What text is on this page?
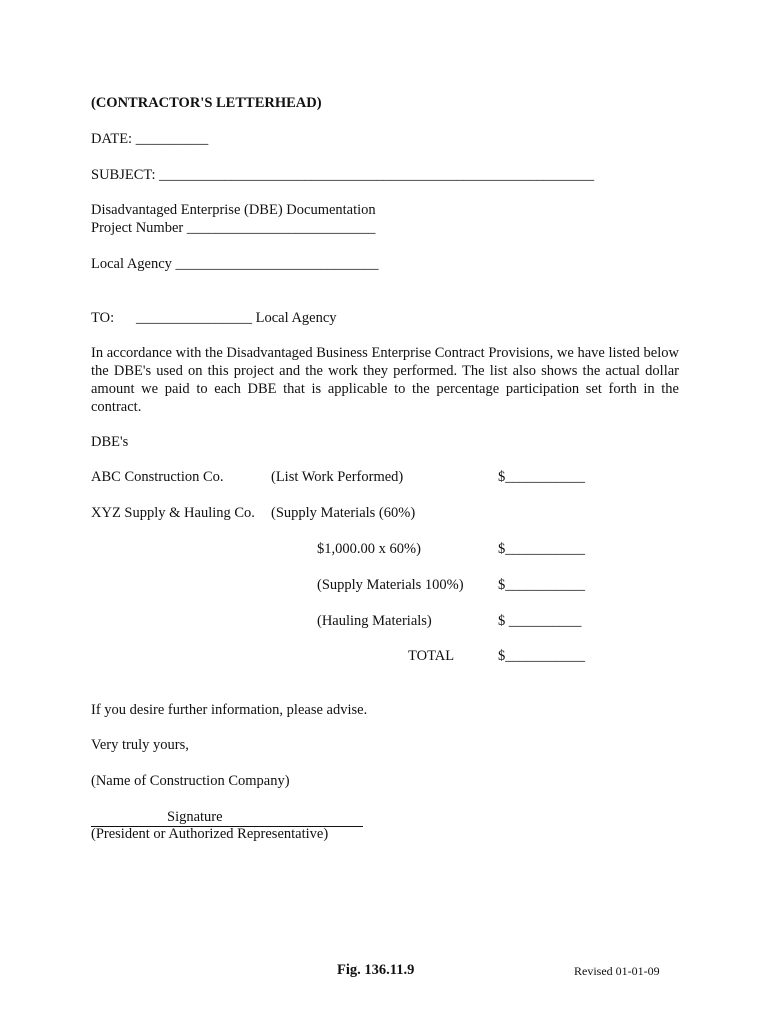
(CONTRACTOR'S LETTERHEAD)
DATE: __________
SUBJECT: ____________________________________________________________
Disadvantaged Enterprise (DBE) Documentation
Project Number __________________________
Local Agency ____________________________
TO: ________________ Local Agency
In accordance with the Disadvantaged Business Enterprise Contract Provisions, we have listed below the DBE's used on this project and the work they performed. The list also shows the actual dollar amount we paid to each DBE that is applicable to the percentage participation set forth in the contract.
DBE's
ABC Construction Co.	(List Work Performed)	$___________
XYZ Supply & Hauling Co. (Supply Materials (60%)
$1,000.00 x 60%)	$___________
(Supply Materials 100%) $___________
(Hauling Materials)	$ __________
TOTAL	$___________
If you desire further information, please advise.
Very truly yours,
(Name of Construction Company)

Signature

(President or Authorized Representative)
Fig. 136.11.9	Revised 01-01-09
